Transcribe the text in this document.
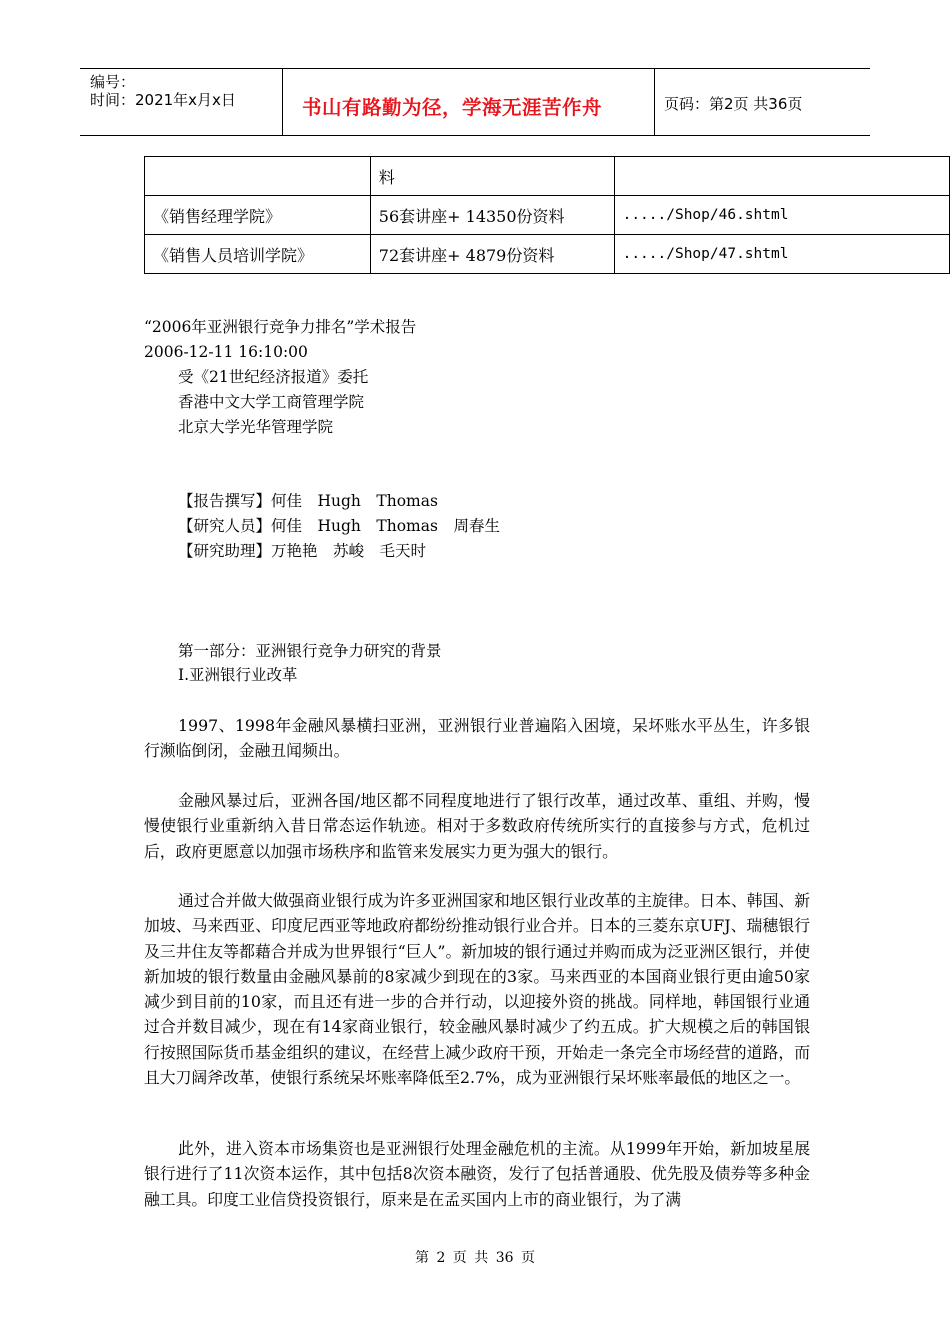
编号：
时间：2021年x月x日	书山有路勤为径，学海无涯苦作舟	页码：第2页 共36页
	料	
《销售经理学院》	56套讲座+ 14350份资料	...../Shop/46.shtml
《销售人员培训学院》	72套讲座+ 4879份资料	...../Shop/47.shtml
“2006年亚洲银行竞争力排名”学术报告
2006-12-11 16:10:00
受《21世纪经济报道》委托
香港中文大学工商管理学院
北京大学光华管理学院
【报告撰写】何佳　Hugh　Thomas
【研究人员】何佳　Hugh　Thomas　周春生
【研究助理】万艳艳　苏峻　毛天时
第一部分：亚洲银行竞争力研究的背景
I.亚洲银行业改革

1997、1998年金融风暴横扫亚洲，亚洲银行业普遍陷入困境，呆坏账水平丛生，许多银行濒临倒闭，金融丑闻频出。

金融风暴过后，亚洲各国/地区都不同程度地进行了银行改革，通过改革、重组、并购，慢慢使银行业重新纳入昔日常态运作轨迹。相对于多数政府传统所实行的直接参与方式，危机过后，政府更愿意以加强市场秩序和监管来发展实力更为强大的银行。

通过合并做大做强商业银行成为许多亚洲国家和地区银行业改革的主旋律。日本、韩国、新加坡、马来西亚、印度尼西亚等地政府都纷纷推动银行业合并。日本的三菱东京UFJ、瑞穗银行及三井住友等都藉合并成为世界银行“巨人”。新加坡的银行通过并购而成为泛亚洲区银行，并使新加坡的银行数量由金融风暴前的8家减少到现在的3家。马来西亚的本国商业银行更由逾50家减少到目前的10家，而且还有进一步的合并行动，以迎接外资的挑战。同样地，韩国银行业通过合并数目减少，现在有14家商业银行，较金融风暴时减少了约五成。扩大规模之后的韩国银行按照国际货币基金组织的建议，在经营上减少政府干预，开始走一条完全市场经营的道路，而且大刀阔斧改革，使银行系统呆坏账率降低至2.7%，成为亚洲银行呆坏账率最低的地区之一。

此外，进入资本市场集资也是亚洲银行处理金融危机的主流。从1999年开始，新加坡星展银行进行了11次资本运作，其中包括8次资本融资，发行了包括普通股、优先股及债券等多种金融工具。印度工业信贷投资银行，原来是在孟买国内上市的商业银行，为了满

第 2 页 共 36 页
